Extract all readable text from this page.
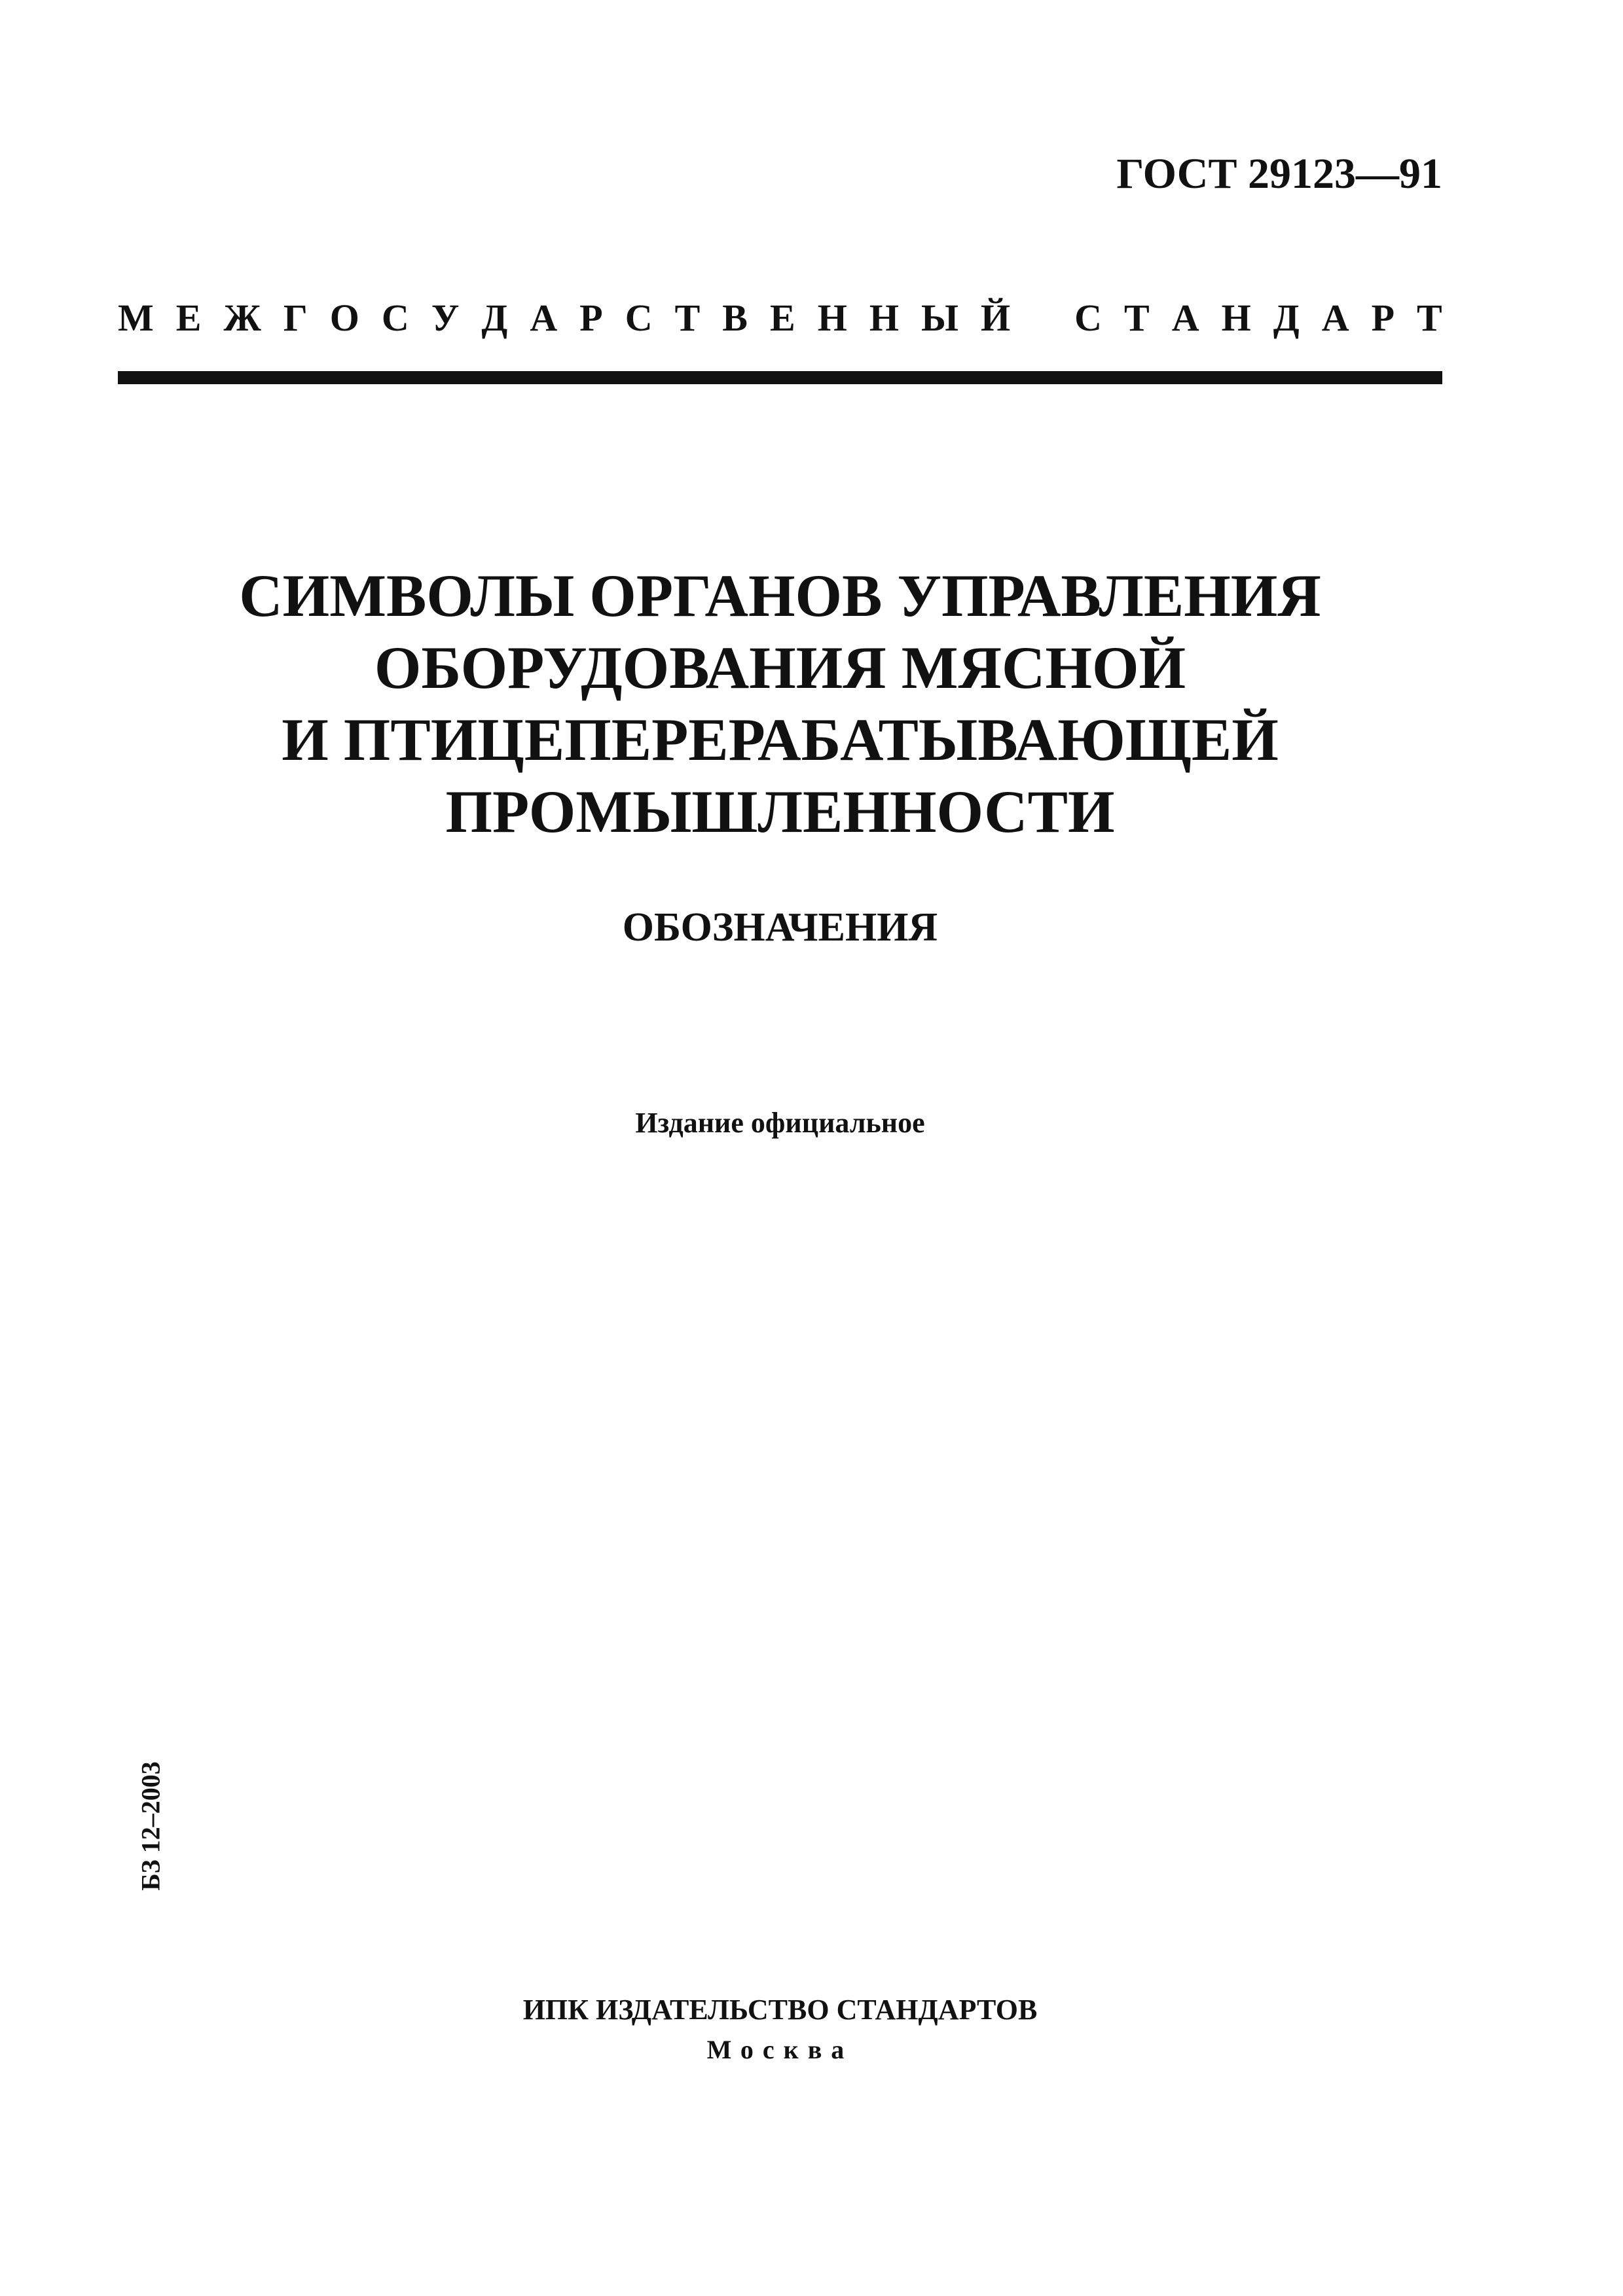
ГОСТ 29123—91
М Е Ж Г О С У Д А Р С Т В Е Н Н Ы Й С Т А Н Д А Р Т
СИМВОЛЫ ОРГАНОВ УПРАВЛЕНИЯ
ОБОРУДОВАНИЯ МЯСНОЙ
И ПТИЦЕПЕРЕРАБАТЫВАЮЩЕЙ
ПРОМЫШЛЕННОСТИ
ОБОЗНАЧЕНИЯ
Издание официальное
БЗ 12–2003
ИПК ИЗДАТЕЛЬСТВО СТАНДАРТОВ
Москва
